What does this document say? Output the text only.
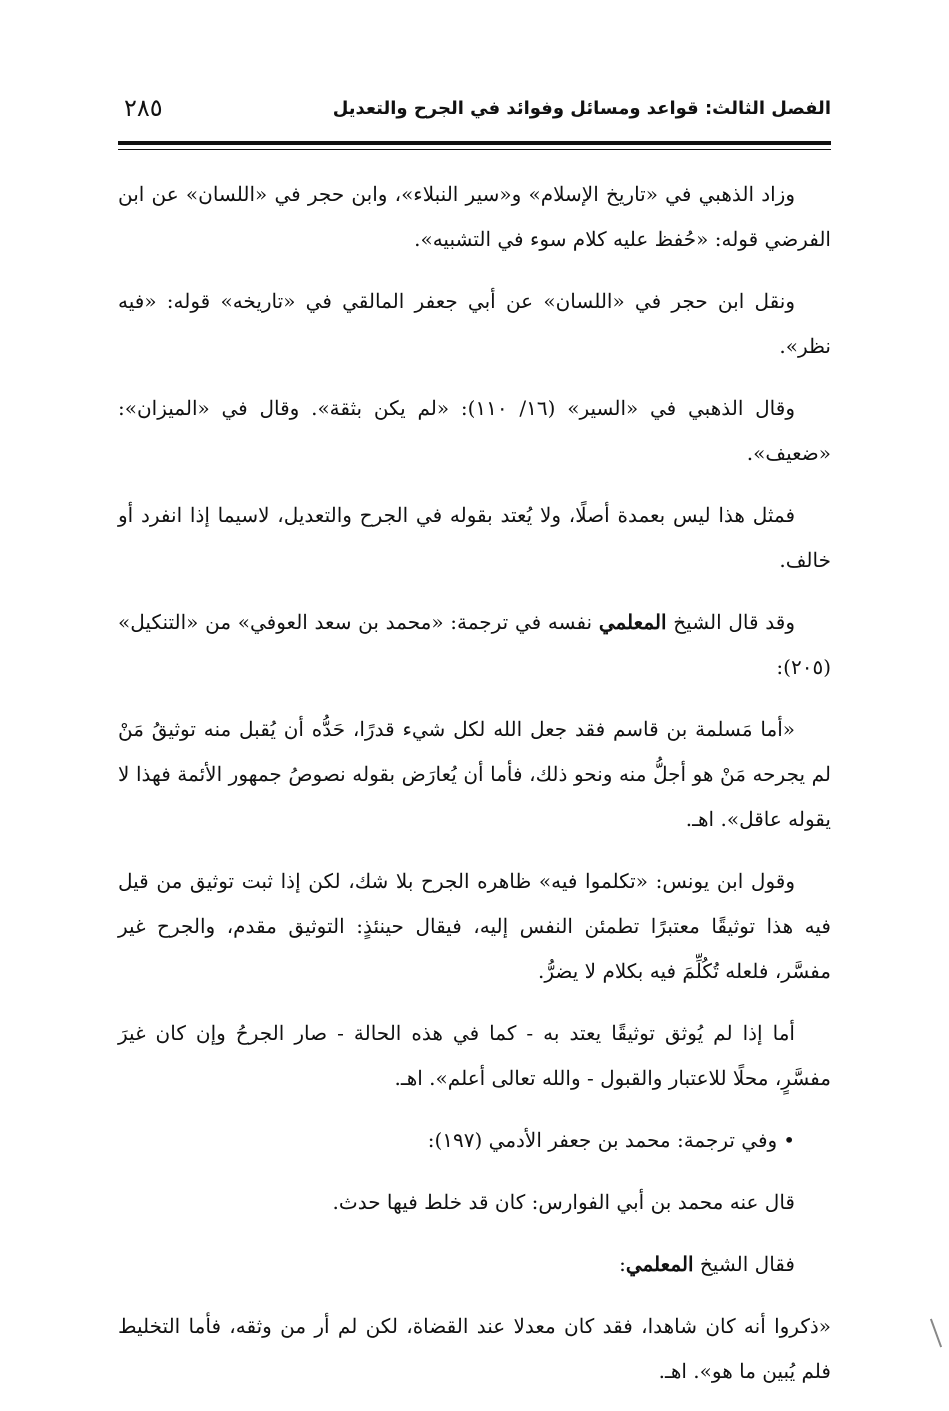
الفصل الثالث: قواعد ومسائل وفوائد في الجرح والتعديل
٢٨٥

وزاد الذهبي في «تاريخ الإسلام» و«سير النبلاء»، وابن حجر في «اللسان» عن ابن الفرضي قوله: «حُفظ عليه كلام سوء في التشبيه».

ونقل ابن حجر في «اللسان» عن أبي جعفر المالقي في «تاريخه» قوله: «فيه نظر».

وقال الذهبي في «السير» (١٦/ ١١٠): «لم يكن بثقة». وقال في «الميزان»: «ضعيف».

فمثل هذا ليس بعمدة أصلًا، ولا يُعتد بقوله في الجرح والتعديل، لاسيما إذا انفرد أو خالف.

وقد قال الشيخ المعلمي نفسه في ترجمة: «محمد بن سعد العوفي» من «التنكيل» (٢٠٥):

«أما مَسلمة بن قاسم فقد جعل الله لكل شيء قدرًا، حَدُّه أن يُقبل منه توثيقُ مَنْ لم يجرحه مَنْ هو أجلُّ منه ونحو ذلك، فأما أن يُعارَض بقوله نصوصُ جمهور الأئمة فهذا لا يقوله عاقل». اهـ.

وقول ابن يونس: «تكلموا فيه» ظاهره الجرح بلا شك، لكن إذا ثبت توثيق من قيل فيه هذا توثيقًا معتبرًا تطمئن النفس إليه، فيقال حينئذٍ: التوثيق مقدم، والجرح غير مفسَّر، فلعله تُكُلِّمَ فيه بكلام لا يضرُّ.

أما إذا لم يُوثق توثيقًا يعتد به - كما في هذه الحالة - صار الجرحُ وإن كان غيرَ مفسَّرٍ، محلًا للاعتبار والقبول - والله تعالى أعلم». اهـ.

•وفي ترجمة: محمد بن جعفر الأدمي (١٩٧):

قال عنه محمد بن أبي الفوارس: كان قد خلط فيها حدث.

فقال الشيخ المعلمي:

«ذكروا أنه كان شاهدا، فقد كان معدلا عند القضاة، لكن لم أر من وثقه، فأما التخليط فلم يُبين ما هو». اهـ.
